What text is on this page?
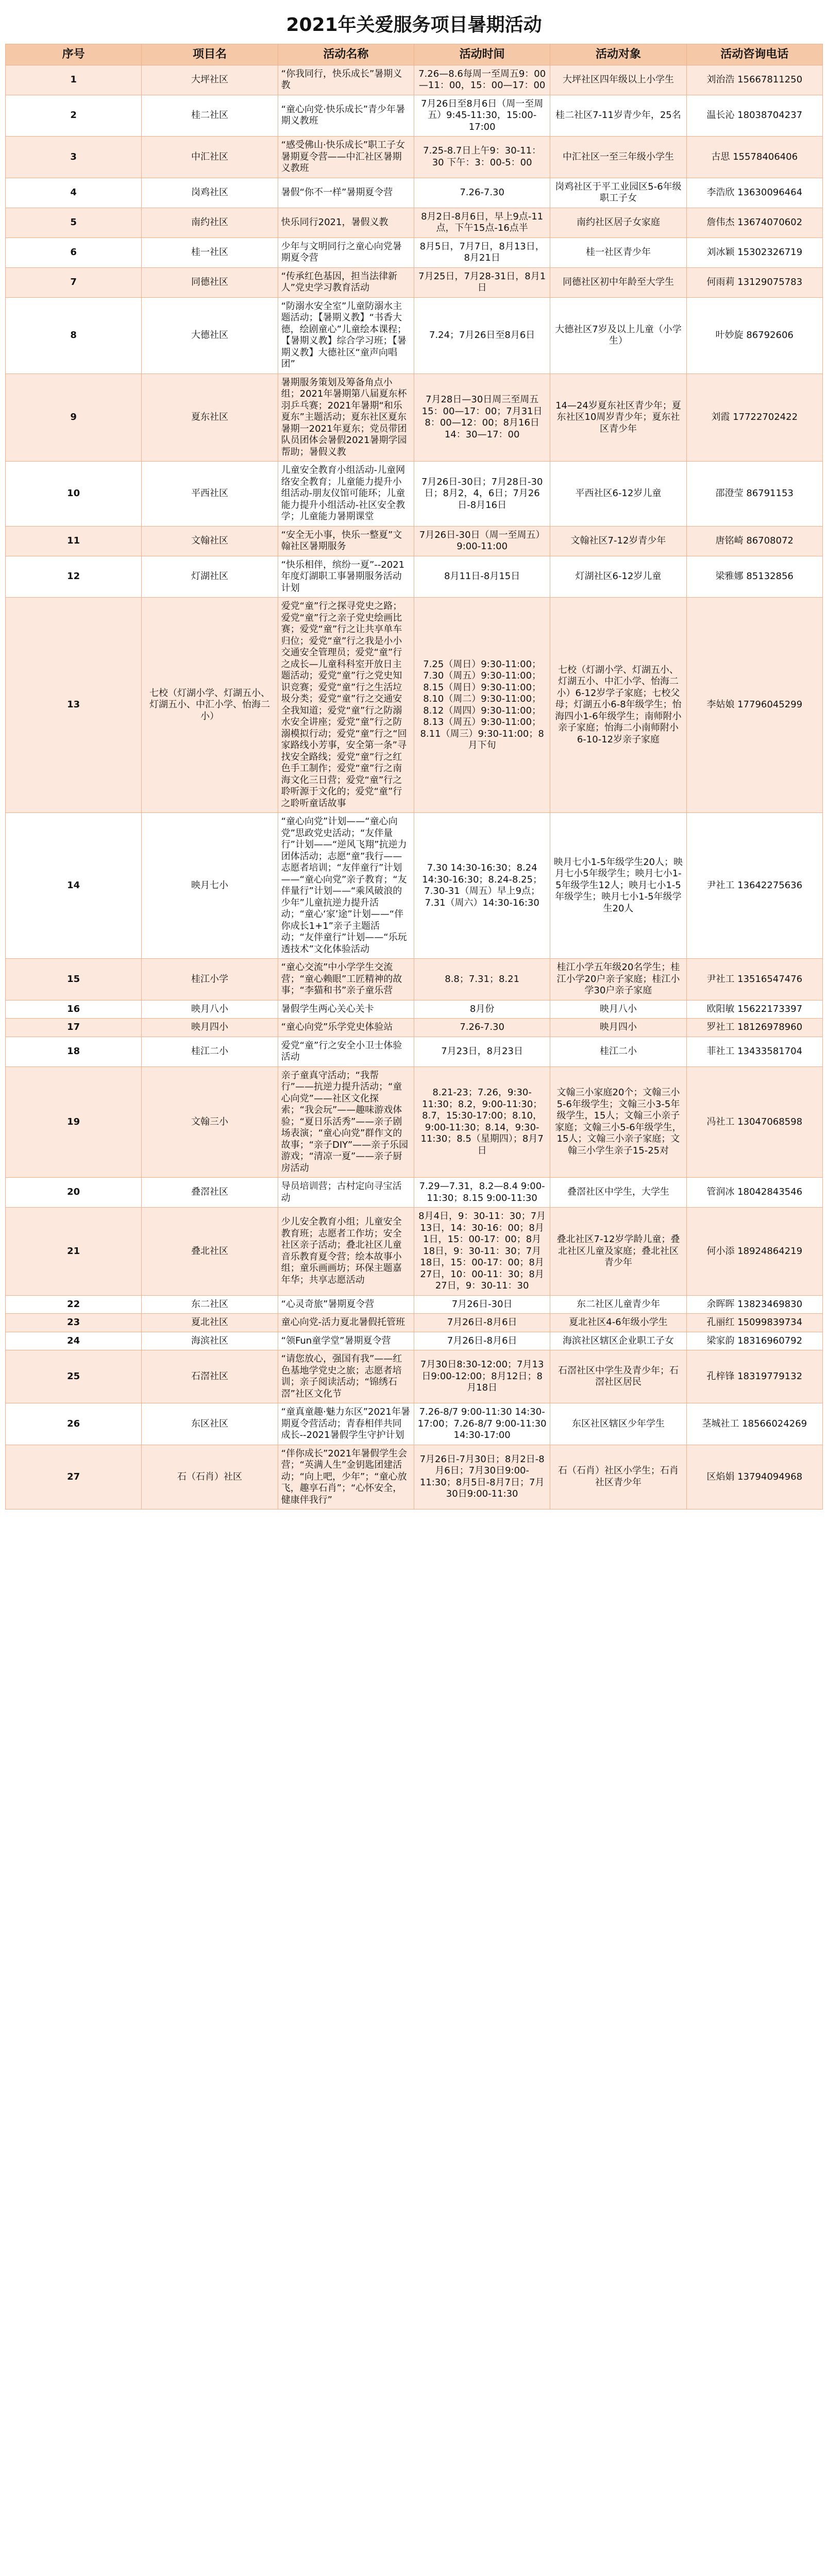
2021年关爱服务项目暑期活动
序号	项目名	活动名称	活动时间	活动对象	活动咨询电话
1	大坪社区	“你我同行，快乐成长”暑期义教	7.26—8.6每周一至周五9：00—11：00，15：00—17：00	大坪社区四年级以上小学生	刘治浩 15667811250
2	桂二社区	“童心向党·快乐成长”青少年暑期义教班	7月26日至8月6日（周一至周五）9:45-11:30，15:00-17:00	桂二社区7-11岁青少年，25名	温长沁 18038704237
3	中汇社区	“感受佛山·快乐成长”职工子女暑期夏令营——中汇社区暑期义教班	7.25-8.7日上午9：30-11：30 下午：3：00-5：00	中汇社区一至三年级小学生	古思 15578406406
4	岗鸡社区	暑假“你不一样”暑期夏令营	7.26-7.30	岗鸡社区于平工业园区5-6年级职工子女	李浩欣 13630096464
5	南约社区	快乐同行2021，暑假义教	8月2日-8月6日，早上9点-11点，下午15点-16点半	南约社区居子女家庭	詹伟杰 13674070602
6	桂一社区	少年与文明同行之童心向党暑期夏令营	8月5日，7月7日，8月13日，8月21日	桂一社区青少年	刘冰颖 15302326719
7	同德社区	“传承红色基因，担当法律新人”党史学习教育活动	7月25日，7月28-31日，8月1日	同德社区初中年龄至大学生	何雨莉 13129075783
8	大德社区	“防溺水安全室”儿童防溺水主题活动；【暑期义教】“书香大德，绘剧童心”儿童绘本课程；【暑期义教】综合学习班；【暑期义教】大德社区“童声向唱团”	7.24；7月26日至8月6日	大德社区7岁及以上儿童（小学生）	叶妙旋 86792606
9	夏东社区	暑期服务策划及筹备角点小组；2021年暑期第八届夏东杯羽乒乓赛；2021年暑期“和乐夏东”主题活动；夏东社区夏东暑期一2021年夏东；党员带团队员团体会暑假2021暑期学园帮助；暑假义教	7月28日—30日周三至周五15：00—17：00；7月31日8：00—12：00；8月16日14：30—17：00	14—24岁夏东社区青少年；夏东社区10周岁青少年；夏东社区青少年	刘霞 17722702422
10	平西社区	儿童安全教育小组活动-儿童网络安全教育；儿童能力提升小组活动-朋友仪馆可能环；儿童能力提升小组活动-社区安全教学；儿童能力暑期课堂	7月26日-30日；7月28日-30日；8月2，4，6日；7月26日-8月16日	平西社区6-12岁儿童	邵澄莹 86791153
11	文翰社区	“安全无小事，快乐一整夏”文翰社区暑期服务	7月26日-30日（周一至周五）9:00-11:00	文翰社区7-12岁青少年	唐铭崎 86708072
12	灯湖社区	“快乐相伴，缤纷一夏”--2021年度灯湖职工事暑期服务活动计划	8月11日-8月15日	灯湖社区6-12岁儿童	梁雅娜 85132856
13	七校（灯湖小学、灯湖五小、灯湖五小、中汇小学、怡海二小）	爱党“童”行之探寻党史之路；爱党“童”行之亲子党史绘画比赛；爱党“童”行之让共享单车归位；爱党“童”行之我是小小交通安全管理员；爱党“童”行之成长—儿童科科室开放日主题活动；爱党“童”行之党史知识竞赛；爱党“童”行之生活垃圾分类；爱党“童”行之交通安全我知道；爱党“童”行之防溺水安全讲座；爱党“童”行之防溺模拟行动；爱党“童”行之“回家路线小芳事，安全第一条”寻找安全路线；爱党“童”行之红色手工制作；爱党“童”行之南海文化三日营；爱党“童”行之聆听源于文化的；爱党“童”行之聆听童话故事	7.25（周日）9:30-11:00；7.30（周五）9:30-11:00；8.15（周日）9:30-11:00；8.10（周二）9:30-11:00；8.12（周四）9:30-11:00；8.13（周五）9:30-11:00；8.11（周三）9:30-11:00；8月下旬	七校（灯湖小学、灯湖五小、灯湖五小、中汇小学、怡海二小）6-12岁学子家庭；七校父母；灯湖五小6-8年级学生；怡海四小1-6年级学生；南师附小亲子家庭；怡海二小南师附小6-10-12岁亲子家庭	李姑娘 17796045299
14	映月七小	“童心向党”计划——“童心向党”思政党史活动；“友伴量行”计划——“逆风飞翔”抗逆力团体活动；志愿“童”我行——志愿者培训；“友伴童行”计划——“童心向党”亲子教育；“友伴量行”计划——“乘风破浪的少年”儿童抗逆力提升活动；“童心‘家’途”计划——“伴你成长1+1”亲子主题活动；“友伴童行”计划——“乐玩透技术”文化体验活动	7.30 14:30-16:30；8.24 14:30-16:30；8.24-8.25；7.30-31（周五）早上9点；7.31（周六）14:30-16:30	映月七小1-5年级学生20人；映月七小5年级学生；映月七小1-5年级学生12人；映月七小1-5年级学生；映月七小1-5年级学生20人	尹社工 13642275636
15	桂江小学	“童心交流”中小学学生交流营；“童心赖眼”工匠精神的故事；“李猫和书”亲子童乐营	8.8；7.31；8.21	桂江小学五年级20名学生；桂江小学20户亲子家庭；桂江小学30户亲子家庭	尹社工 13516547476
16	映月八小	暑假学生两心关心关卡	8月份	映月八小	欧阳敏 15622173397
17	映月四小	“童心向党”乐学党史体验站	7.26-7.30	映月四小	罗社工 18126978960
18	桂江二小	爱党“童”行之安全小卫士体验活动	7月23日，8月23日	桂江二小	菲社工 13433581704
19	文翰三小	亲子童真守活动；“我帮行”——抗逆力提升活动；“童心向党”——社区文化探索；“我会玩”——趣味游戏体验；“夏日乐活秀”——亲子剧场表演；“童心向党”群作文的故事；“亲子DIY”——亲子乐园游戏；“清凉一夏”——亲子厨房活动	8.21-23；7.26，9:30-11:30；8.2，9:00-11:30；8.7，15:30-17:00；8.10，9:00-11:30；8.14，9:30-11:30；8.5（星期四）；8月7日	文翰三小家庭20个；文翰三小5-6年级学生；文翰三小3-5年级学生，15人；文翰三小亲子家庭；文翰三小5-6年级学生，15人；文翰三小亲子家庭；文翰三小学生亲子15-25对	冯社工 13047068598
20	叠滘社区	导员培训营；古村定向寻宝活动	7.29—7.31，8.2—8.4 9:00-11:30；8.15 9:00-11:30	叠滘社区中学生，大学生	管润冰 18042843546
21	叠北社区	少儿安全教育小组；儿童安全教育班；志愿者工作坊；安全社区亲子活动；叠北社区儿童音乐教育夏令营；绘本故事小组；童乐画画坊；环保主题嘉年华；共享志愿活动	8月4日，9：30-11：30；7月13日，14：30-16：00；8月1日，15：00-17：00；8月18日，9：30-11：30；7月18日，15：00-17：00；8月27日，10：00-11：30；8月27日，9：30-11：30	叠北社区7-12岁学龄儿童；叠北社区儿童及家庭；叠北社区青少年	何小添 18924864219
22	东二社区	“心灵奇旅”暑期夏令营	7月26日-30日	东二社区儿童青少年	余晖晖 13823469830
23	夏北社区	童心向党-活力夏北暑假托管班	7月26日-8月6日	夏北社区4-6年级小学生	孔丽红 15099839734
24	海滨社区	“领Fun童学堂”暑期夏令营	7月26日-8月6日	海滨社区辖区企业职工子女	梁家韵 18316960792
25	石滘社区	“请您放心，强国有我”——红色基地学党史之旅；志愿者培训；亲子阅读活动；“锦绣石滘”社区文化节	7月30日8:30-12:00；7月13日9:00-12:00；8月12日；8月18日	石滘社区中学生及青少年；石滘社区居民	孔梓锋 18319779132
26	东区社区	“童真童趣·魅力东区”2021年暑期夏令营活动；青春相伴共同成长--2021暑假学生守护计划	7.26-8/7 9:00-11:30 14:30-17:00；7.26-8/7 9:00-11:30 14:30-17:00	东区社区辖区少年学生	茎城社工 18566024269
27	石（石肖）社区	“伴你成长”2021年暑假学生会营；“英满人生”金钥匙团建活动；“向上吧，少年”；“童心放飞，趣享石肖”；“心怀安全，健康伴我行”	7月26日-7月30日；8月2日-8月6日；7月30日9:00-11:30；8月5日-8月7日；7月30日9:00-11:30	石（石肖）社区小学生；石肖社区青少年	区焰娟 13794094968
